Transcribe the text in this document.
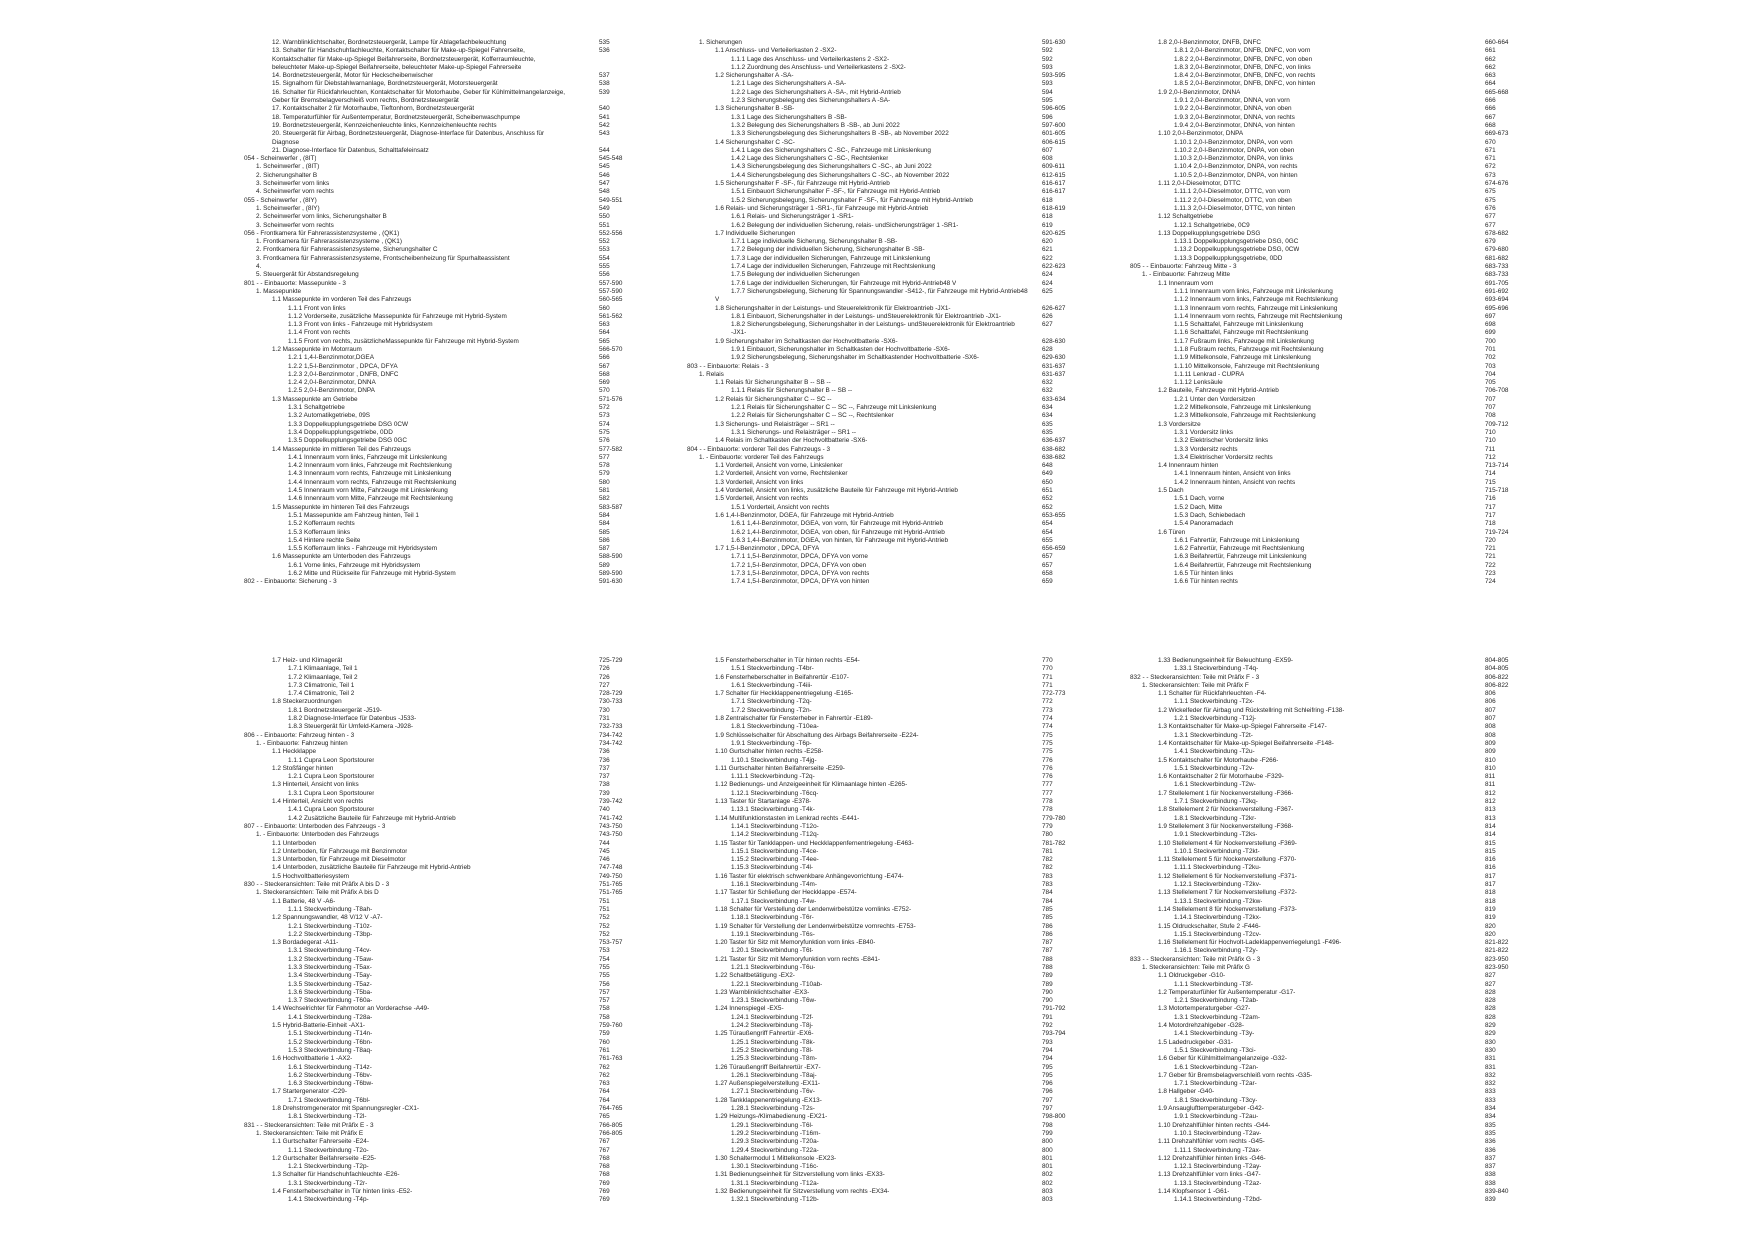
12. Warnblinklichtschalter, Bordnetzsteuergerät, Lampe für Ablagefachbeleuchtung	535
13. Schalter für Handschuhfachleuchte, Kontaktschalter für Make-up-Spiegel Fahrerseite,	536
Kontaktschalter für Make-up-Spiegel Beifahrerseite, Bordnetzsteuergerät, Kofferraumleuchte,
beleuchteter Make-up-Spiegel Beifahrerseite, beleuchteter Make-up-Spiegel Fahrerseite
14. Bordnetzsteuergerät, Motor für Heckscheibenwischer	537
15. Signalhorn für Diebstahlwarnanlage, Bordnetzsteuergerät, Motorsteuergerät	538
16. Schalter für Rückfahrleuchten, Kontaktschalter für Motorhaube, Geber für Kühlmittelmangelanzeige,	539
Geber für Bremsbelagverschleiß vorn rechts, Bordnetzsteuergerät
17. Kontaktschalter 2 für Motorhaube, Tieftonhorn, Bordnetzsteuergerät	540
18. Temperaturfühler für Außentemperatur, Bordnetzsteuergerät, Scheibenwaschpumpe	541
19. Bordnetzsteuergerät, Kennzeichenleuchte links, Kennzeichenleuchte rechts	542
20. Steuergerät für Airbag, Bordnetzsteuergerät, Diagnose-Interface für Datenbus, Anschluss für	543
Diagnose
21. Diagnose-Interface für Datenbus, Schalttafeleinsatz	544
054 - Scheinwerfer , (8IT)	545-548
1. Scheinwerfer , (8IT)	545
2. Sicherungshalter B	546
3. Scheinwerfer vorn links	547
4. Scheinwerfer vorn rechts	548
055 - Scheinwerfer , (8IY)	549-551
1. Scheinwerfer , (8IY)	549
2. Scheinwerfer vorn links, Sicherungshalter B	550
3. Scheinwerfer vorn rechts	551
056 - Frontkamera für Fahrerassistenzsysteme , (QK1)	552-556
1. Frontkamera für Fahrerassistenzsysteme , (QK1)	552
2. Frontkamera für Fahrerassistenzsysteme, Sicherungshalter C	553
3. Frontkamera für Fahrerassistenzsysteme, Frontscheibenheizung für Spurhalteassistent	554
4.	555
5. Steuergerät für Abstandsregelung	556
801 - - Einbauorte: Massepunkte - 3	557-590
1. Massepunkte	557-590
1.1 Massepunkte im vorderen Teil des Fahrzeugs	560-565
1.1.1 Front von links	560
1.1.2 Vorderseite, zusätzliche Massepunkte für Fahrzeuge mit Hybrid-System	561-562
1.1.3 Front von links - Fahrzeuge mit Hybridsystem	563
1.1.4 Front von rechts	564
1.1.5 Front von rechts, zusätzlicheMassepunkte für Fahrzeuge mit Hybrid-System	565
1.2 Massepunkte im Motorraum	566-570
1.2.1 1,4-l-Benzinmotor,DGEA	566
1.2.2 1,5-l-Benzinmotor , DPCA, DFYA	567
1.2.3 2,0-l-Benzinmotor , DNFB, DNFC	568
1.2.4 2,0-l-Benzinmotor, DNNA	569
1.2.5 2,0-l-Benzinmotor, DNPA	570
1.3 Massepunkte am Getriebe	571-576
1.3.1 Schaltgetriebe	572
1.3.2 Automatikgetriebe, 09S	573
1.3.3 Doppelkupplungsgetriebe DSG 0CW	574
1.3.4 Doppelkupplungsgetriebe, 0DD	575
1.3.5 Doppelkupplungsgetriebe DSG 0GC	576
1.4 Massepunkte im mittleren Teil des Fahrzeugs	577-582
1.4.1 Innenraum vorn links, Fahrzeuge mit Linkslenkung	577
1.4.2 Innenraum vorn links, Fahrzeuge mit Rechtslenkung	578
1.4.3 Innenraum vorn rechts, Fahrzeuge mit Linkslenkung	579
1.4.4 Innenraum vorn rechts, Fahrzeuge mit Rechtslenkung	580
1.4.5 Innenraum vorn Mitte, Fahrzeuge mit Linkslenkung	581
1.4.6 Innenraum vorn Mitte, Fahrzeuge mit Rechtslenkung	582
1.5 Massepunkte im hinteren Teil des Fahrzeugs	583-587
1.5.1 Massepunkte am Fahrzeug hinten, Teil 1	584
1.5.2 Kofferraum rechts	584
1.5.3 Kofferraum links	585
1.5.4 Hintere rechte Seite	586
1.5.5 Kofferraum links - Fahrzeuge mit Hybridsystem	587
1.6 Massepunkte am Unterboden des Fahrzeugs	588-590
1.6.1 Vorne links, Fahrzeuge mit Hybridsystem	589
1.6.2 Mitte und Rückseite für Fahrzeuge mit Hybrid-System	589-590
802 - - Einbauorte: Sicherung - 3	591-630
1. Sicherungen	591-630
1.1 Anschluss- und Verteilerkasten 2 -SX2-	592
1.1.1 Lage des Anschluss- und Verteilerkastens 2 -SX2-	592
1.1.2 Zuordnung des Anschluss- und Verteilerkastens 2 -SX2-	593
1.2 Sicherungshalter A -SA-	593-595
1.2.1 Lage des Sicherungshalters A -SA-	593
1.2.2 Lage des Sicherungshalters A -SA-, mit Hybrid-Antrieb	594
1.2.3 Sicherungsbelegung des Sicherungshalters A -SA-	595
1.3 Sicherungshalter B -SB-	596-605
1.3.1 Lage des Sicherungshalters B -SB-	596
1.3.2 Belegung des Sicherungshalters B -SB-, ab Juni 2022	597-600
1.3.3 Sicherungsbelegung des Sicherungshalters B -SB-, ab November 2022	601-605
1.4 Sicherungshalter C -SC-	606-615
1.4.1 Lage des Sicherungshalters C -SC-, Fahrzeuge mit Linkslenkung	607
1.4.2 Lage des Sicherungshalters C -SC-, Rechtslenker	608
1.4.3 Sicherungsbelegung des Sicherungshalters C -SC-, ab Juni 2022	609-611
1.4.4 Sicherungsbelegung des Sicherungshalters C -SC-, ab November 2022	612-615
1.5 Sicherungshalter F -SF-, für Fahrzeuge mit Hybrid-Antrieb	616-617
1.5.1 Einbauort Sicherungshalter F -SF-, für Fahrzeuge mit Hybrid-Antrieb	616-617
1.5.2 Sicherungsbelegung, Sicherungshalter F -SF-, für Fahrzeuge mit Hybrid-Antrieb	618
1.6 Relais- und Sicherungsträger 1 -SR1-, für Fahrzeuge mit Hybrid-Antrieb	618-619
1.6.1 Relais- und Sicherungsträger 1 -SR1-	618
1.6.2 Belegung der individuellen Sicherung, relais- undSicherungsträger 1 -SR1-	619
1.7 Individuelle Sicherungen	620-625
1.7.1 Lage individuelle Sicherung, Sicherungshalter B -SB-	620
1.7.2 Belegung der individuellen Sicherung, Sicherungshalter B -SB-	621
1.7.3 Lage der individuellen Sicherungen, Fahrzeuge mit Linkslenkung	622
1.7.4 Lage der individuellen Sicherungen, Fahrzeuge mit Rechtslenkung	622-623
1.7.5 Belegung der individuellen Sicherungen	624
1.7.6 Lage der individuellen Sicherungen, für Fahrzeuge mit Hybrid-Antrieb48 V	624
1.7.7 Sicherungsbelegung, Sicherung für Spannungswandler -S412-, für Fahrzeuge mit Hybrid-Antrieb48 625
V
1.8 Sicherungshalter in der Leistungs- und Steuerelektronik für Elektroantrieb -JX1-	626-627
1.8.1 Einbauort, Sicherungshalter in der Leistungs- undSteuerelektronik für Elektroantrieb -JX1-	626
1.8.2 Sicherungsbelegung, Sicherungshalter in der Leistungs- undSteuerelektronik für Elektroantrieb	627
-JX1-
1.9 Sicherungshalter im Schaltkasten der Hochvoltbatterie -SX6-	628-630
1.9.1 Einbauort, Sicherungshalter im Schaltkasten der Hochvoltbatterie -SX6-	628
1.9.2 Sicherungsbelegung, Sicherungshalter im Schaltkastender Hochvoltbatterie -SX6-	629-630
803 - - Einbauorte: Relais - 3	631-637
1. Relais	631-637
1.1 Relais für Sicherungshalter B -- SB --	632
1.1.1 Relais für Sicherungshalter B -- SB --	632
1.2 Relais für Sicherungshalter C -- SC --	633-634
1.2.1 Relais für Sicherungshalter C -- SC --, Fahrzeuge mit Linkslenkung	634
1.2.2 Relais für Sicherungshalter C -- SC --, Rechtslenker	634
1.3 Sicherungs- und Relaisträger -- SR1 --	635
1.3.1 Sicherungs- und Relaisträger -- SR1 --	635
1.4 Relais im Schaltkasten der Hochvoltbatterie -SX6-	636-637
804 - - Einbauorte: vorderer Teil des Fahrzeugs - 3	638-682
1. - Einbauorte: vorderer Teil des Fahrzeugs	638-682
1.1 Vorderteil, Ansicht von vorne, Linkslenker	648
1.2 Vorderteil, Ansicht von vorne, Rechtslenker	649
1.3 Vorderteil, Ansicht von links	650
1.4 Vorderteil, Ansicht von links, zusätzliche Bauteile für Fahrzeuge mit Hybrid-Antrieb	651
1.5 Vorderteil, Ansicht von rechts	652
1.5.1 Vorderteil, Ansicht von rechts	652
1.6 1,4-l-Benzinmotor, DGEA, für Fahrzeuge mit Hybrid-Antrieb	653-655
1.6.1 1,4-l-Benzinmotor, DGEA, von vorn, für Fahrzeuge mit Hybrid-Antrieb	654
1.6.2 1,4-l-Benzinmotor, DGEA, von oben, für Fahrzeuge mit Hybrid-Antrieb	654
1.6.3 1,4-l-Benzinmotor, DGEA, von hinten, für Fahrzeuge mit Hybrid-Antrieb	655
1.7 1,5-l-Benzinmotor , DPCA, DFYA	656-659
1.7.1 1,5-l-Benzinmotor, DPCA, DFYA von vorne	657
1.7.2 1,5-l-Benzinmotor, DPCA, DFYA von oben	657
1.7.3 1,5-l-Benzinmotor, DPCA, DFYA von rechts	658
1.7.4 1,5-l-Benzinmotor, DPCA, DFYA von hinten	659
1.8 2,0-l-Benzinmotor, DNFB, DNFC	660-664
1.8.1 2,0-l-Benzinmotor, DNFB, DNFC, von vorn	661
1.8.2 2,0-l-Benzinmotor, DNFB, DNFC, von oben	662
1.8.3 2,0-l-Benzinmotor, DNFB, DNFC, von links	662
1.8.4 2,0-l-Benzinmotor, DNFB, DNFC, von rechts	663
1.8.5 2,0-l-Benzinmotor, DNFB, DNFC, von hinten	664
1.9 2,0-l-Benzinmotor, DNNA	665-668
1.9.1 2,0-l-Benzinmotor, DNNA, von vorn	666
1.9.2 2,0-l-Benzinmotor, DNNA, von oben	666
1.9.3 2,0-l-Benzinmotor, DNNA, von rechts	667
1.9.4 2,0-l-Benzinmotor, DNNA, von hinten	668
1.10 2,0-l-Benzinmotor, DNPA	669-673
1.10.1 2,0-l-Benzinmotor, DNPA, von vorn	670
1.10.2 2,0-l-Benzinmotor, DNPA, von oben	671
1.10.3 2,0-l-Benzinmotor, DNPA, von links	671
1.10.4 2,0-l-Benzinmotor, DNPA, von rechts	672
1.10.5 2,0-l-Benzinmotor, DNPA, von hinten	673
1.11 2,0-l-Dieselmotor, DTTC	674-676
1.11.1 2,0-l-Dieselmotor, DTTC, von vorn	675
1.11.2 2,0-l-Dieselmotor, DTTC, von oben	675
1.11.3 2,0-l-Dieselmotor, DTTC, von hinten	676
1.12 Schaltgetriebe	677
1.12.1 Schaltgetriebe, 0C9	677
1.13 Doppelkupplungsgetriebe DSG	678-682
1.13.1 Doppelkupplungsgetriebe DSG, 0GC	679
1.13.2 Doppelkupplungsgetriebe DSG, 0CW	679-680
1.13.3 Doppelkupplungsgetriebe, 0DD	681-682
805 - - Einbauorte: Fahrzeug Mitte - 3	683-733
1. - Einbauorte: Fahrzeug Mitte	683-733
1.1 Innenraum vorn	691-705
1.1.1 Innenraum vorn links, Fahrzeuge mit Linkslenkung	691-692
1.1.2 Innenraum vorn links, Fahrzeuge mit Rechtslenkung	693-694
1.1.3 Innenraum vorn rechts, Fahrzeuge mit Linkslenkung	695-696
1.1.4 Innenraum vorn rechts, Fahrzeuge mit Rechtslenkung	697
1.1.5 Schalttafel, Fahrzeuge mit Linkslenkung	698
1.1.6 Schalttafel, Fahrzeuge mit Rechtslenkung	699
1.1.7 Fußraum links, Fahrzeuge mit Linkslenkung	700
1.1.8 Fußraum rechts, Fahrzeuge mit Rechtslenkung	701
1.1.9 Mittelkonsole, Fahrzeuge mit Linkslenkung	702
1.1.10 Mittelkonsole, Fahrzeuge mit Rechtslenkung	703
1.1.11 Lenkrad - CUPRA	704
1.1.12 Lenksäule	705
1.2 Bauteile, Fahrzeuge mit Hybrid-Antrieb	706-708
1.2.1 Unter den Vordersitzen	707
1.2.2 Mittelkonsole, Fahrzeuge mit Linkslenkung	707
1.2.3 Mittelkonsole, Fahrzeuge mit Rechtslenkung	708
1.3 Vordersitze	709-712
1.3.1 Vordersitz links	710
1.3.2 Elektrischer Vordersitz links	710
1.3.3 Vordersitz rechts	711
1.3.4 Elektrischer Vordersitz rechts	712
1.4 Innenraum hinten	713-714
1.4.1 Innenraum hinten, Ansicht von links	714
1.4.2 Innenraum hinten, Ansicht von rechts	715
1.5 Dach	715-718
1.5.1 Dach, vorne	716
1.5.2 Dach, Mitte	717
1.5.3 Dach, Schiebedach	717
1.5.4 Panoramadach	718
1.6 Türen	719-724
1.6.1 Fahrertür, Fahrzeuge mit Linkslenkung	720
1.6.2 Fahrertür, Fahrzeuge mit Rechtslenkung	721
1.6.3 Beifahrertür, Fahrzeuge mit Linkslenkung	721
1.6.4 Beifahrertür, Fahrzeuge mit Rechtslenkung	722
1.6.5 Tür hinten links	723
1.6.6 Tür hinten rechts	724
1.7 Heiz- und Klimagerät	725-729
1.7.1 Klimaanlage, Teil 1	726
1.7.2 Klimaanlage, Teil 2	726
1.7.3 Climatronic, Teil 1	727
1.7.4 Climatronic, Teil 2	728-729
1.8 Steckerzuordnungen	730-733
1.8.1 Bordnetzsteuergerät -J519-	730
1.8.2 Diagnose-Interface für Datenbus -J533-	731
1.8.3 Steuergerät für Umfeld-Kamera -J928-	732-733
806 - - Einbauorte: Fahrzeug hinten - 3	734-742
1. - Einbauorte: Fahrzeug hinten	734-742
1.1 Heckklappe	736
1.1.1 Cupra Leon Sportstourer	736
1.2 Stoßfänger hinten	737
1.2.1 Cupra Leon Sportstourer	737
1.3 Hinterteil, Ansicht von links	738
1.3.1 Cupra Leon Sportstourer	739
1.4 Hinterteil, Ansicht von rechts	739-742
1.4.1 Cupra Leon Sportstourer	740
1.4.2 Zusätzliche Bauteile für Fahrzeuge mit Hybrid-Antrieb	741-742
807 - - Einbauorte: Unterboden des Fahrzeugs - 3	743-750
1. - Einbauorte: Unterboden des Fahrzeugs	743-750
1.1 Unterboden	744
1.2 Unterboden, für Fahrzeuge mit Benzinmotor	745
1.3 Unterboden, für Fahrzeuge mit Dieselmotor	746
1.4 Unterboden, zusätzliche Bauteile für Fahrzeuge mit Hybrid-Antrieb	747-748
1.5 Hochvoltbatteriesystem	749-750
830 - - Steckeransichten: Teile mit Präfix A bis D - 3	751-765
1. Steckeransichten: Teile mit Präfix A bis D	751-765
1.1 Batterie, 48 V -A6-	751
1.1.1 Steckverbindung -T8ah-	751
1.2 Spannungswandler, 48 V/12 V -A7-	752
1.2.1 Steckverbindung -T10z-	752
1.2.2 Steckverbindung -T3bp-	752
1.3 Bordadegerat -A11-	753-757
1.3.1 Steckverbindung -T4cv-	753
1.3.2 Steckverbindung -T5aw-	754
1.3.3 Steckverbindung -T5ax-	755
1.3.4 Steckverbindung -T5ay-	755
1.3.5 Steckverbindung -T5az-	756
1.3.6 Steckverbindung -T5ba-	757
1.3.7 Steckverbindung -T60a-	757
1.4 Wechselrichter für Fahrmotor an Vorderachse -A49-	758
1.4.1 Steckverbindung -T28a-	758
1.5 Hybrid-Batterie-Einheit -AX1-	759-760
1.5.1 Steckverbindung -T14n-	759
1.5.2 Steckverbindung -T6bn-	760
1.5.3 Steckverbindung -T8aq-	761
1.6 Hochvoltbatterie 1 -AX2-	761-763
1.6.1 Steckverbindung -T14z-	762
1.6.2 Steckverbindung -T6bv-	762
1.6.3 Steckverbindung -T6bw-	763
1.7 Startergenerator -C29-	764
1.7.1 Steckverbindung -T6bl-	764
1.8 Drehstromgenerator mit Spannungsregler -CX1-	764-765
1.8.1 Steckverbindung -T2l-	765
831 - - Steckeransichten: Teile mit Präfix E - 3	766-805
1. Steckeransichten: Teile mit Präfix E	766-805
1.1 Gurtschalter Fahrerseite -E24-	767
1.1.1 Steckverbindung -T2o-	767
1.2 Gurtschalter Beifahrerseite -E25-	768
1.2.1 Steckverbindung -T2p-	768
1.3 Schalter für Handschuhfachleuchte -E26-	768
1.3.1 Steckverbindung -T2r-	769
1.4 Fensterheberschalter in Tür hinten links -E52-	769
1.4.1 Steckverbindung -T4p-	769
1.5 Fensterheberschalter in Tür hinten rechts -E54-	770
1.5.1 Steckverbindung -T4br-	770
1.6 Fensterheberschalter in Beifahrertür -E107-	771
1.6.1 Steckverbindung -T4iii-	771
1.7 Schalter für Heckklappenentriegelung -E165-	772-773
1.7.1 Steckverbindung -T2q-	772
1.7.2 Steckverbindung -T2n-	773
1.8 Zentralschalter für Fensterheber in Fahrertür -E189-	774
1.8.1 Steckverbindung -T10ea-	774
1.9 Schlüsselschalter für Abschaltung des Airbags Beifahrerseite -E224-	775
1.9.1 Steckverbindung -T6p-	775
1.10 Gurtschalter hinten rechts -E258-	775
1.10.1 Steckverbindung -T4jg-	776
1.11 Gurtschalter hinten Beifahrerseite -E259-	776
1.11.1 Steckverbindung -T2q-	776
1.12 Bedienungs- und Anzeigeeinheit für Klimaanlage hinten -E265-	777
1.12.1 Steckverbindung -T6cq-	777
1.13 Taster für Startanlage -E378-	778
1.13.1 Steckverbindung -T4k-	778
1.14 Multifunktionstasten im Lenkrad rechts -E441-	779-780
1.14.1 Steckverbindung -T12o-	779
1.14.2 Steckverbindung -T12q-	780
1.15 Taster für Tankklappen- und Heckklappenfernentriegelung -E463-	781-782
1.15.1 Steckverbindung -T4ce-	781
1.15.2 Steckverbindung -T4ee-	782
1.15.3 Steckverbindung -T4l-	782
1.16 Taster für elektrisch schwenkbare Anhängevorrichtung -E474-	783
1.16.1 Steckverbindung -T4m-	783
1.17 Taster für Schließung der Heckklappe -E574-	784
1.17.1 Steckverbindung -T4w-	784
1.18 Schalter für Verstellung der Lendenwirbelstütze vornlinks -E752-	785
1.18.1 Steckverbindung -T6r-	785
1.19 Schalter für Verstellung der Lendenwirbelstütze vornrechts -E753-	786
1.19.1 Steckverbindung -T6s-	786
1.20 Taster für Sitz mit Memoryfunktion vorn links -E840-	787
1.20.1 Steckverbindung -T6t-	787
1.21 Taster für Sitz mit Memoryfunktion vorn rechts -E841-	788
1.21.1 Steckverbindung -T6u-	788
1.22 Schaltbetätigung -EX2-	789
1.22.1 Steckverbindung -T10ab-	789
1.23 Warnblinklichtschalter -EX3-	790
1.23.1 Steckverbindung -T6w-	790
1.24 Innenspiegel -EX5-	791-792
1.24.1 Steckverbindung -T2f-	791
1.24.2 Steckverbindung -T8j-	792
1.25 Türaußengriff Fahrertür -EX6-	793-794
1.25.1 Steckverbindung -T8k-	793
1.25.2 Steckverbindung -T8l-	794
1.25.3 Steckverbindung -T8m-	794
1.26 Türaußengriff Beifahrertür -EX7-	795
1.26.1 Steckverbindung -T8aj-	795
1.27 Außenspiegelverstellung -EX11-	796
1.27.1 Steckverbindung -T6v-	796
1.28 Tankklappenentriegelung -EX13-	797
1.28.1 Steckverbindung -T2s-	797
1.29 Heizungs-/Klimabedienung -EX21-	798-800
1.29.1 Steckverbindung -T6l-	798
1.29.2 Steckverbindung -T16m-	799
1.29.3 Steckverbindung -T20a-	800
1.29.4 Steckverbindung -T22a-	800
1.30 Schaltermodul 1 Mittelkonsole -EX23-	801
1.30.1 Steckverbindung -T16c-	801
1.31 Bedienungseinheit für Sitzverstellung vorn links -EX33-	802
1.31.1 Steckverbindung -T12a-	802
1.32 Bedienungseinheit für Sitzverstellung vorn rechts -EX34-	803
1.32.1 Steckverbindung -T12b-	803
1.33 Bedienungseinheit für Beleuchtung -EX59-	804-805
1.33.1 Steckverbindung -T4q-	804-805
832 - - Steckeransichten: Teile mit Präfix F - 3	806-822
1. Steckeransichten: Teile mit Präfix F	806-822
1.1 Schalter für Rückfahrleuchten -F4-	806
1.1.1 Steckverbindung -T2x-	806
1.2 Wickelfeder für Airbag und Rückstellring mit Schleifring -F138-	807
1.2.1 Steckverbindung -T12j-	807
1.3 Kontaktschalter für Make-up-Spiegel Fahrerseite -F147-	808
1.3.1 Steckverbindung -T2t-	808
1.4 Kontaktschalter für Make-up-Spiegel Beifahrerseite -F148-	809
1.4.1 Steckverbindung -T2u-	809
1.5 Kontaktschalter für Motorhaube -F266-	810
1.5.1 Steckverbindung -T2v-	810
1.6 Kontaktschalter 2 für Motorhaube -F329-	811
1.6.1 Steckverbindung -T2w-	811
1.7 Stellelement 1 für Nockenverstellung -F366-	812
1.7.1 Steckverbindung -T2kq-	812
1.8 Stellelement 2 für Nockenverstellung -F367-	813
1.8.1 Steckverbindung -T2kr-	813
1.9 Stellelement 3 für Nockenverstellung -F368-	814
1.9.1 Steckverbindung -T2ks-	814
1.10 Stellelement 4 für Nockenverstellung -F369-	815
1.10.1 Steckverbindung -T2kt-	815
1.11 Stellelement 5 für Nockenverstellung -F370-	816
1.11.1 Steckverbindung -T2ku-	816
1.12 Stellelement 6 für Nockenverstellung -F371-	817
1.12.1 Steckverbindung -T2kv-	817
1.13 Stellelement 7 für Nockenverstellung -F372-	818
1.13.1 Steckverbindung -T2kw-	818
1.14 Stellelement 8 für Nockenverstellung -F373-	819
1.14.1 Steckverbindung -T2kx-	819
1.15 Öldruckschalter, Stufe 2 -F446-	820
1.15.1 Steckverbindung -T2cv-	820
1.16 Stellelement für Hochvolt-Ladeklappenverriegelung1 -F496-	821-822
1.16.1 Steckverbindung -T2y-	821-822
833 - - Steckeransichten: Teile mit Präfix G - 3	823-950
1. Steckeransichten: Teile mit Präfix G	823-950
1.1 Öldruckgeber -G10-	827
1.1.1 Steckverbindung -T3f-	827
1.2 Temperaturfühler für Außentemperatur -G17-	828
1.2.1 Steckverbindung -T2ab-	828
1.3 Motortemperaturgeber -G27-	828
1.3.1 Steckverbindung -T2am-	828
1.4 Motordrehzahlgeber -G28-	829
1.4.1 Steckverbindung -T3y-	829
1.5 Ladedruckgeber -G31-	830
1.5.1 Steckverbindung -T3ci-	830
1.6 Geber für Kühlmittelmangelanzeige -G32-	831
1.6.1 Steckverbindung -T2an-	831
1.7 Geber für Bremsbelagverschleiß vorn rechts -G35-	832
1.7.1 Steckverbindung -T2ar-	832
1.8 Hallgeber -G40-	833
1.8.1 Steckverbindung -T3cy-	833
1.9 Ansauglufttemperaturgeber -G42-	834
1.9.1 Steckverbindung -T2au-	834
1.10 Drehzahlfühler hinten rechts -G44-	835
1.10.1 Steckverbindung -T2av-	835
1.11 Drehzahlfühler vorn rechts -G45-	836
1.11.1 Steckverbindung -T2ax-	836
1.12 Drehzahlfühler hinten links -G46-	837
1.12.1 Steckverbindung -T2ay-	837
1.13 Drehzahlfühler vorn links -G47-	838
1.13.1 Steckverbindung -T2az-	838
1.14 Klopfsensor 1 -G61-	839-840
1.14.1 Steckverbindung -T2bd-	839
